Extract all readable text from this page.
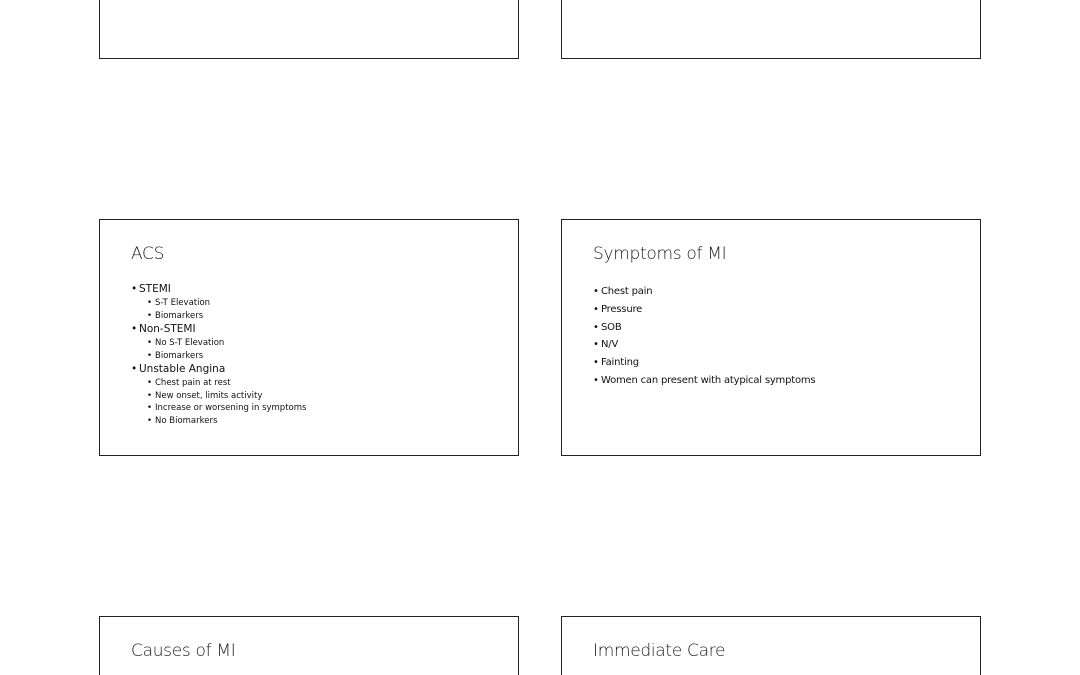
ACS
• STEMI
• S-T Elevation
• Biomarkers
• Non-STEMI
• No S-T Elevation
• Biomarkers
• Unstable Angina
• Chest pain at rest
• New onset, limits activity
• Increase or worsening in symptoms
• No Biomarkers
Symptoms of MI
• Chest pain
• Pressure
• SOB
• N/V
• Fainting
• Women can present with atypical symptoms
Causes of MI	Immediate Care
